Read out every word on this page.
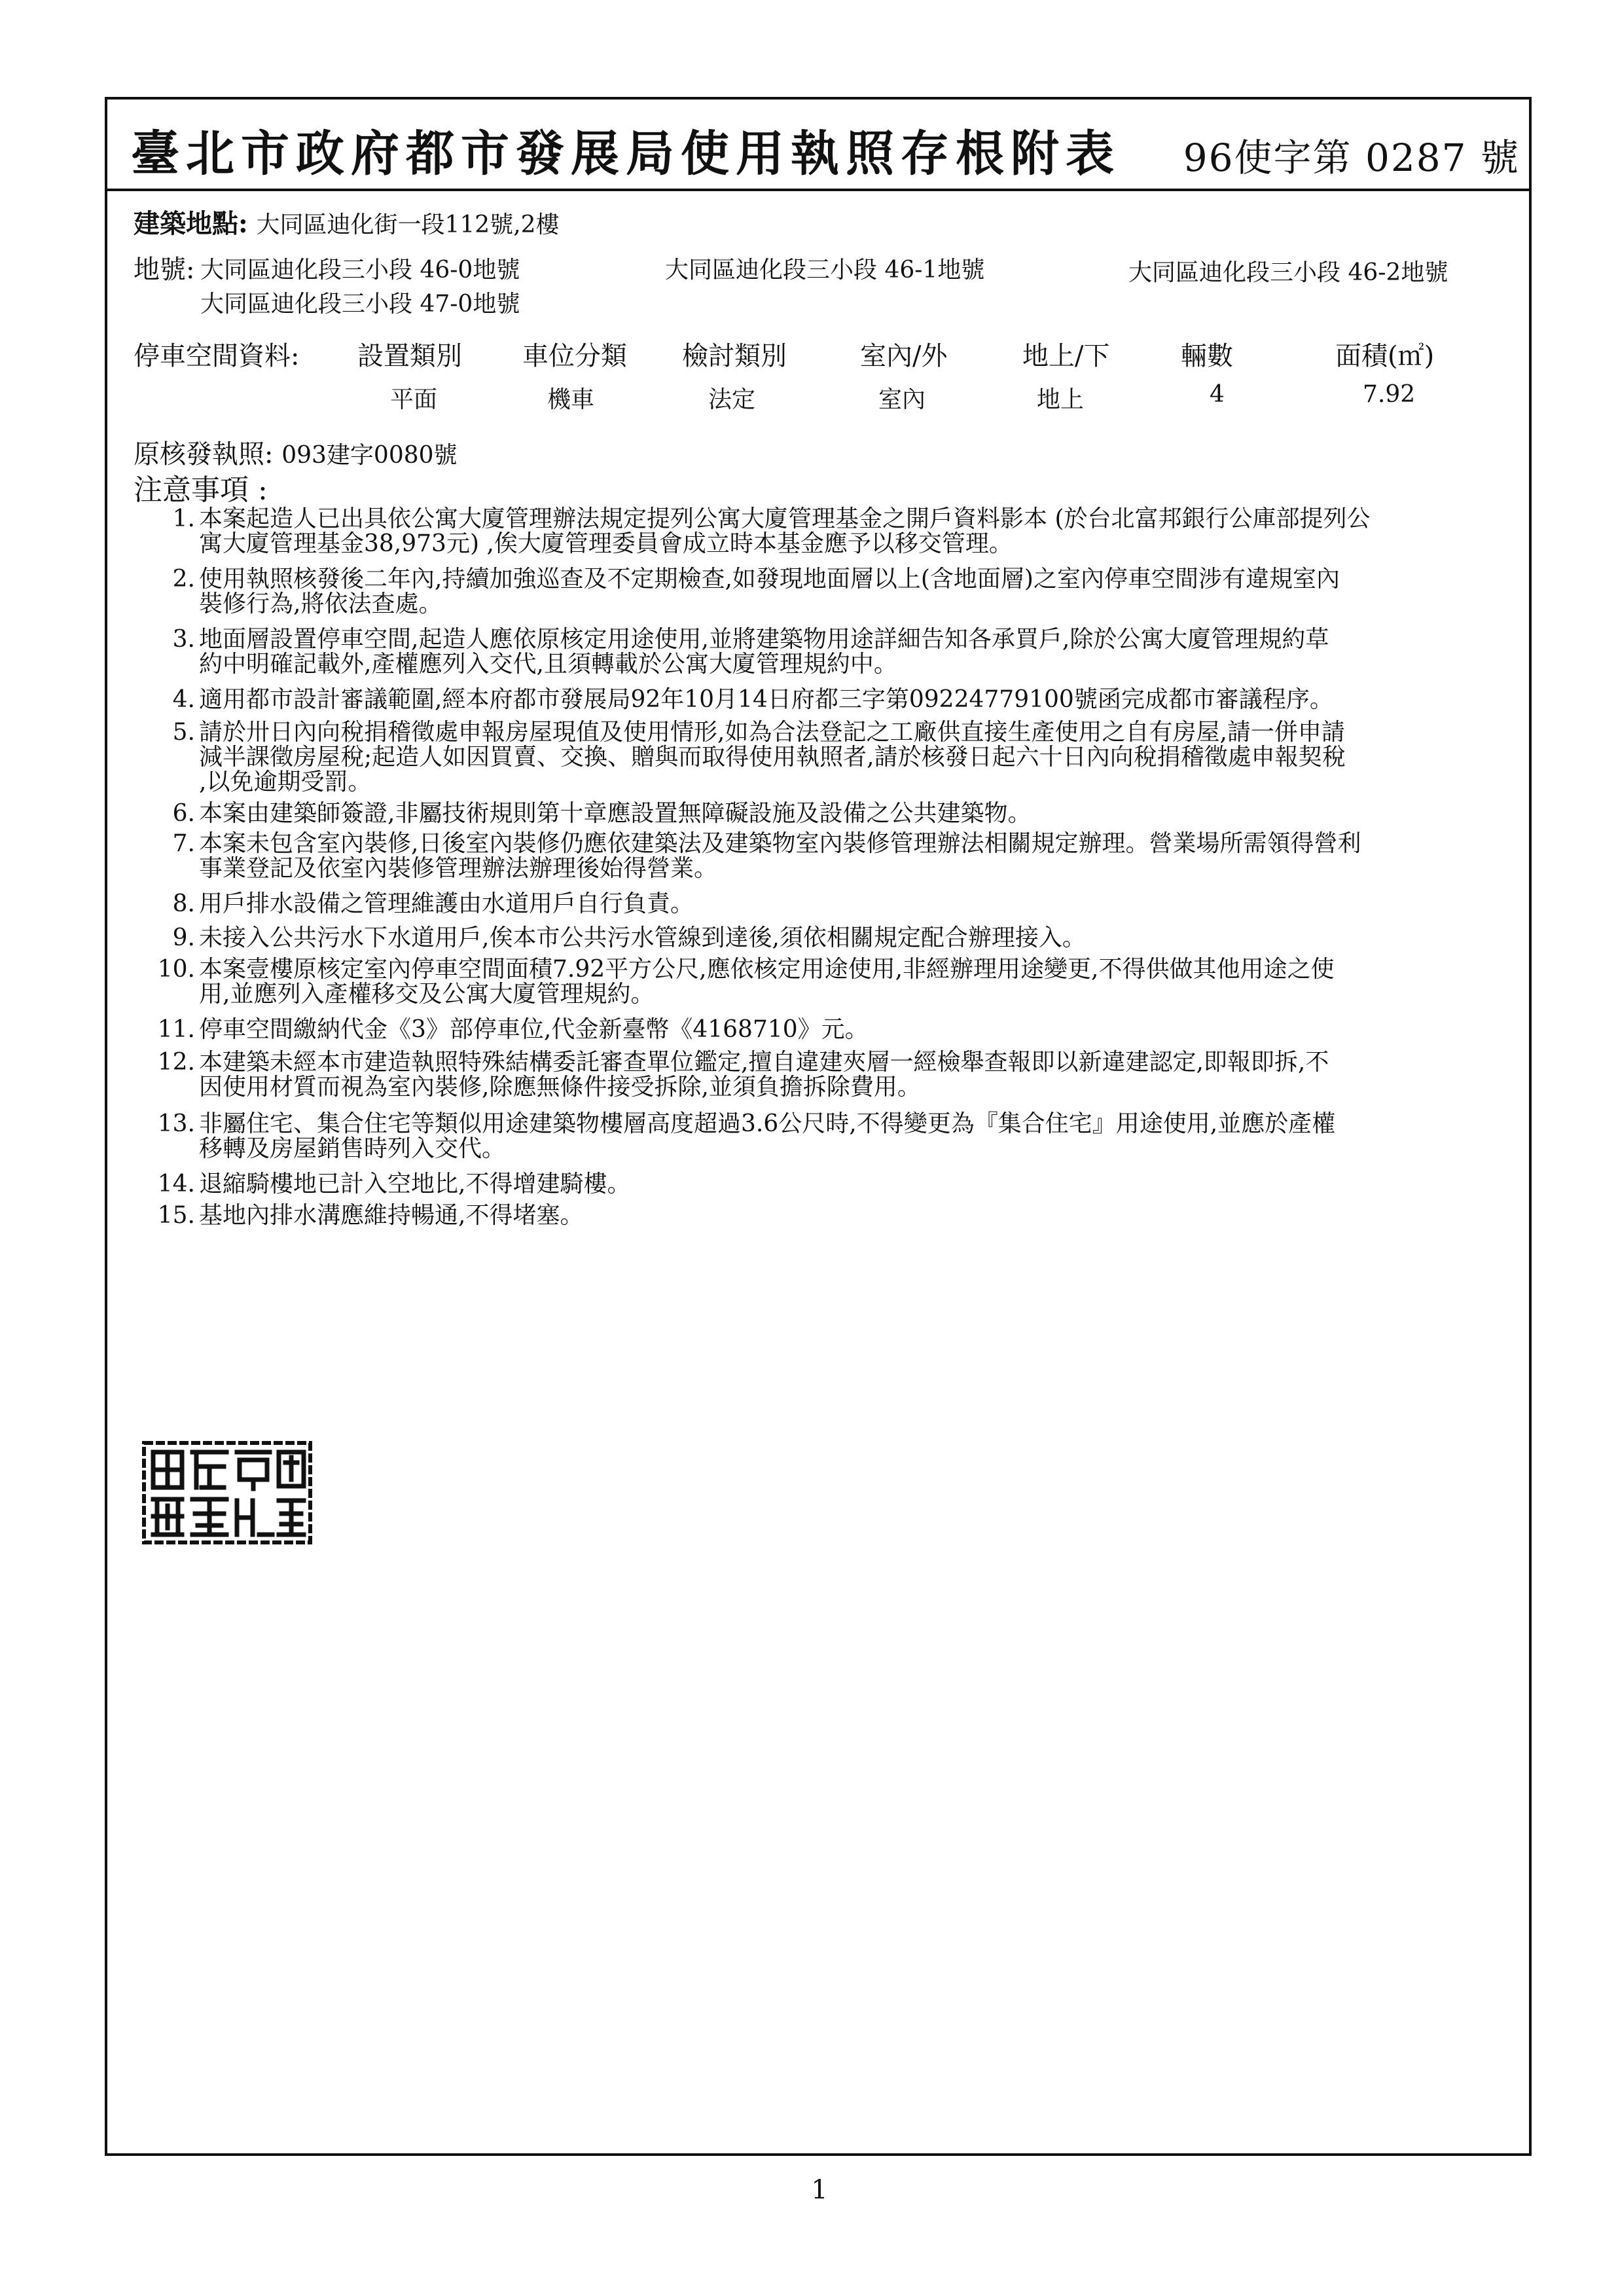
臺北市政府都市發展局使用執照存根附表 96使字第 0287 號
建築地點: 大同區迪化街一段112號,2樓
地號: 大同區迪化段三小段 46-0地號	大同區迪化段三小段 46-1地號	大同區迪化段三小段 46-2地號
大同區迪化段三小段 47-0地號
停車空間資料: 設置類別 車位分類 檢討類別	室內/外	地上/下	輛數	面積(㎡)
平面	機車	法定	室內	地上	4	7.92
原核發執照: 093建字0080號
注意事項 :
1. 本案起造人已出具依公寓大廈管理辦法規定提列公寓大廈管理基金之開戶資料影本 (於台北富邦銀行公庫部提列公
寓大廈管理基金38,973元) ,俟大廈管理委員會成立時本基金應予以移交管理。
2. 使用執照核發後二年內,持續加強巡查及不定期檢查,如發現地面層以上(含地面層)之室內停車空間涉有違規室內
裝修行為,將依法查處。
3. 地面層設置停車空間,起造人應依原核定用途使用,並將建築物用途詳細告知各承買戶,除於公寓大廈管理規約草
約中明確記載外,產權應列入交代,且須轉載於公寓大廈管理規約中。
4. 適用都市設計審議範圍,經本府都市發展局92年10月14日府都三字第09224779100號函完成都市審議程序。
5. 請於卅日內向稅捐稽徵處申報房屋現值及使用情形,如為合法登記之工廠供直接生產使用之自有房屋,請一併申請
減半課徵房屋稅;起造人如因買賣、交換、贈與而取得使用執照者,請於核發日起六十日內向稅捐稽徵處申報契稅
,以免逾期受罰。
6. 本案由建築師簽證,非屬技術規則第十章應設置無障礙設施及設備之公共建築物。
7. 本案未包含室內裝修,日後室內裝修仍應依建築法及建築物室內裝修管理辦法相關規定辦理。營業場所需領得營利
事業登記及依室內裝修管理辦法辦理後始得營業。
8. 用戶排水設備之管理維護由水道用戶自行負責。
9. 未接入公共污水下水道用戶,俟本市公共污水管線到達後,須依相關規定配合辦理接入。
10. 本案壹樓原核定室內停車空間面積7.92平方公尺,應依核定用途使用,非經辦理用途變更,不得供做其他用途之使
用,並應列入產權移交及公寓大廈管理規約。
11. 停車空間繳納代金《3》部停車位,代金新臺幣《4168710》元。
12. 本建築未經本市建造執照特殊結構委託審查單位鑑定,擅自違建夾層一經檢舉查報即以新違建認定,即報即拆,不
因使用材質而視為室內裝修,除應無條件接受拆除,並須負擔拆除費用。
13. 非屬住宅、集合住宅等類似用途建築物樓層高度超過3.6公尺時,不得變更為『集合住宅』用途使用,並應於產權
移轉及房屋銷售時列入交代。
14. 退縮騎樓地已計入空地比,不得增建騎樓。
15. 基地內排水溝應維持暢通,不得堵塞。
1
